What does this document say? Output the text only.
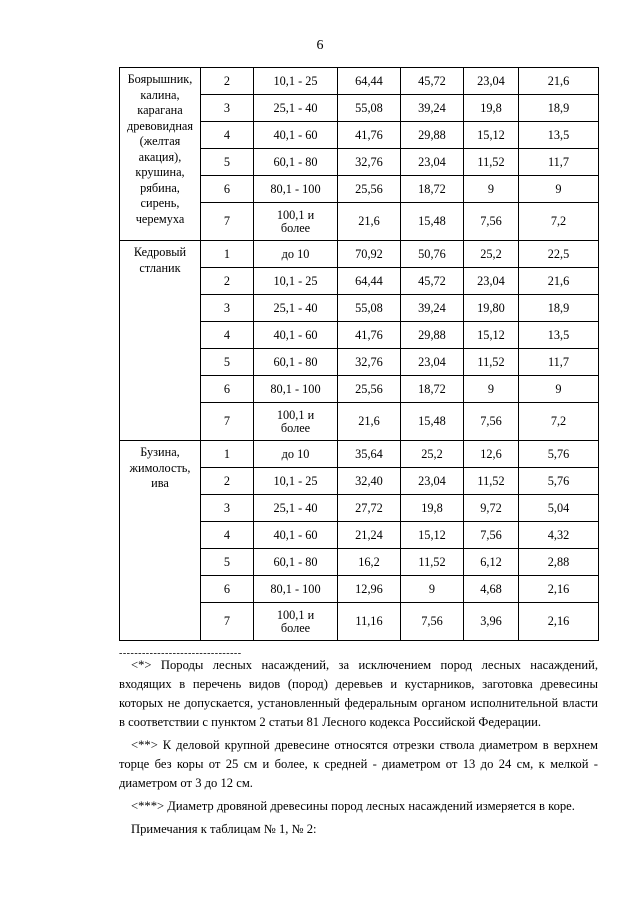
6
Боярышник, калина, карагана древовидная (желтая акация), крушина, рябина, сирень, черемуха	2	10,1 - 25	64,44	45,72	23,04	21,6
	3	25,1 - 40	55,08	39,24	19,8	18,9
	4	40,1 - 60	41,76	29,88	15,12	13,5
	5	60,1 - 80	32,76	23,04	11,52	11,7
	6	80,1 - 100	25,56	18,72	9	9
	7	100,1 и более	21,6	15,48	7,56	7,2
Кедровый стланик	1	до 10	70,92	50,76	25,2	22,5
	2	10,1 - 25	64,44	45,72	23,04	21,6
	3	25,1 - 40	55,08	39,24	19,80	18,9
	4	40,1 - 60	41,76	29,88	15,12	13,5
	5	60,1 - 80	32,76	23,04	11,52	11,7
	6	80,1 - 100	25,56	18,72	9	9
	7	100,1 и более	21,6	15,48	7,56	7,2
Бузина, жимолость, ива	1	до 10	35,64	25,2	12,6	5,76
	2	10,1 - 25	32,40	23,04	11,52	5,76
	3	25,1 - 40	27,72	19,8	9,72	5,04
	4	40,1 - 60	21,24	15,12	7,56	4,32
	5	60,1 - 80	16,2	11,52	6,12	2,88
	6	80,1 - 100	12,96	9	4,68	2,16
	7	100,1 и более	11,16	7,56	3,96	2,16
--------------------------------

<*> Породы лесных насаждений, за исключением пород лесных насаждений, входящих в перечень видов (пород) деревьев и кустарников, заготовка древесины которых не допускается, установленный федеральным органом исполнительной власти в соответствии с пунктом 2 статьи 81 Лесного кодекса Российской Федерации.

<**> К деловой крупной древесине относятся отрезки ствола диаметром в верхнем торце без коры от 25 см и более, к средней - диаметром от 13 до 24 см, к мелкой - диаметром от 3 до 12 см.

<***> Диаметр дровяной древесины пород лесных насаждений измеряется в коре.

Примечания к таблицам № 1, № 2:
